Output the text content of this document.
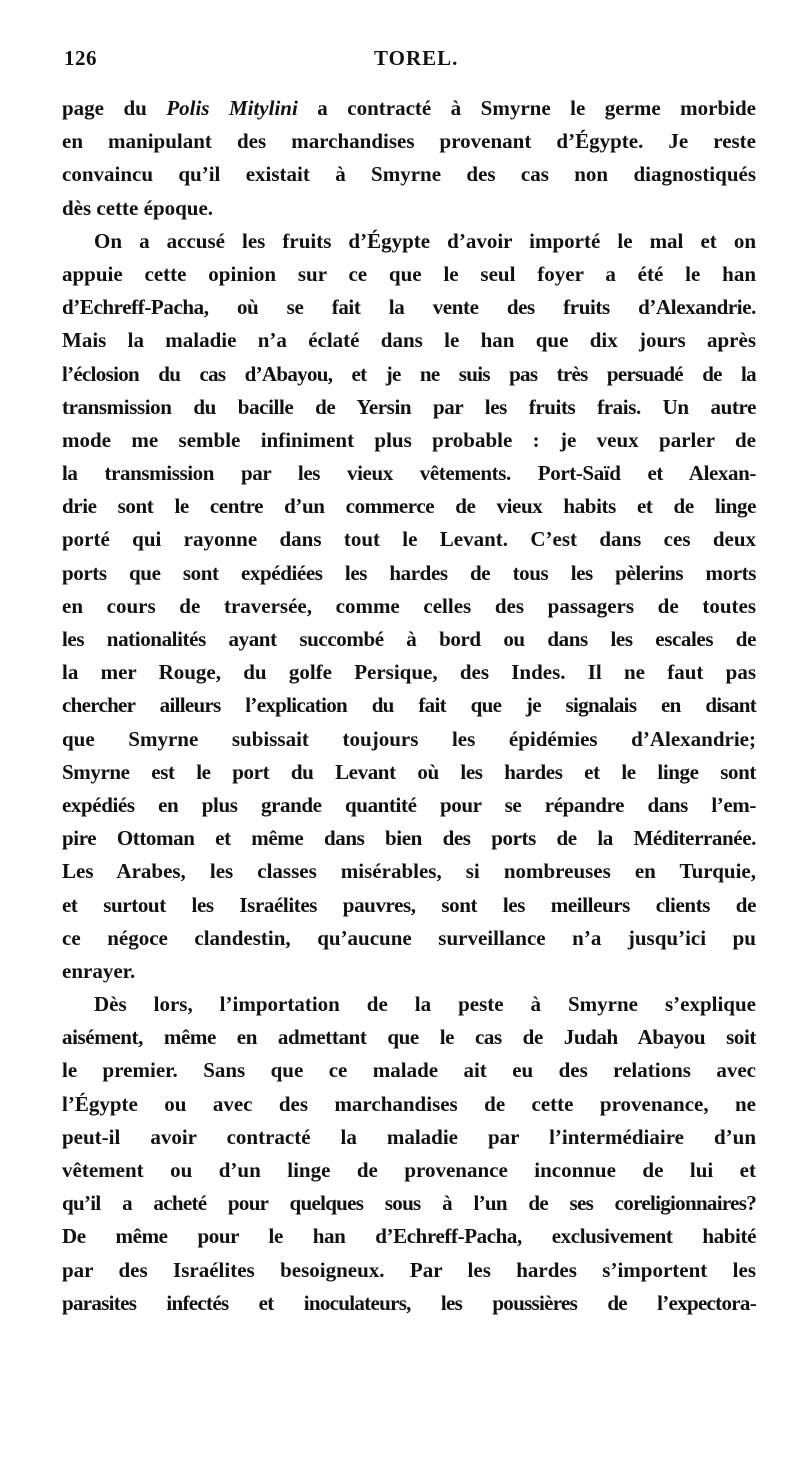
126	TOREL.
page du Polis Mitylini a contracté à Smyrne le germe morbide
en manipulant des marchandises provenant d’Égypte. Je reste
convaincu qu’il existait à Smyrne des cas non diagnostiqués
dès cette époque.
On a accusé les fruits d’Égypte d’avoir importé le mal et on
appuie cette opinion sur ce que le seul foyer a été le han
d’Echreff-Pacha, où se fait la vente des fruits d’Alexandrie.
Mais la maladie n’a éclaté dans le han que dix jours après
l’éclosion du cas d’Abayou, et je ne suis pas très persuadé de la
transmission du bacille de Yersin par les fruits frais. Un autre
mode me semble infiniment plus probable : je veux parler de
la transmission par les vieux vêtements. Port-Saïd et Alexan-
drie sont le centre d’un commerce de vieux habits et de linge
porté qui rayonne dans tout le Levant. C’est dans ces deux
ports que sont expédiées les hardes de tous les pèlerins morts
en cours de traversée, comme celles des passagers de toutes
les nationalités ayant succombé à bord ou dans les escales de
la mer Rouge, du golfe Persique, des Indes. Il ne faut pas
chercher ailleurs l’explication du fait que je signalais en disant
que Smyrne subissait toujours les épidémies d’Alexandrie;
Smyrne est le port du Levant où les hardes et le linge sont
expédiés en plus grande quantité pour se répandre dans l’em-
pire Ottoman et même dans bien des ports de la Méditerranée.
Les Arabes, les classes misérables, si nombreuses en Turquie,
et surtout les Israélites pauvres, sont les meilleurs clients de
ce négoce clandestin, qu’aucune surveillance n’a jusqu’ici pu
enrayer.
Dès lors, l’importation de la peste à Smyrne s’explique
aisément, même en admettant que le cas de Judah Abayou soit
le premier. Sans que ce malade ait eu des relations avec
l’Égypte ou avec des marchandises de cette provenance, ne
peut-il avoir contracté la maladie par l’intermédiaire d’un
vêtement ou d’un linge de provenance inconnue de lui et
qu’il a acheté pour quelques sous à l’un de ses coreligionnaires?
De même pour le han d’Echreff-Pacha, exclusivement habité
par des Israélites besoigneux. Par les hardes s’importent les
parasites infectés et inoculateurs, les poussières de l’expectora-
